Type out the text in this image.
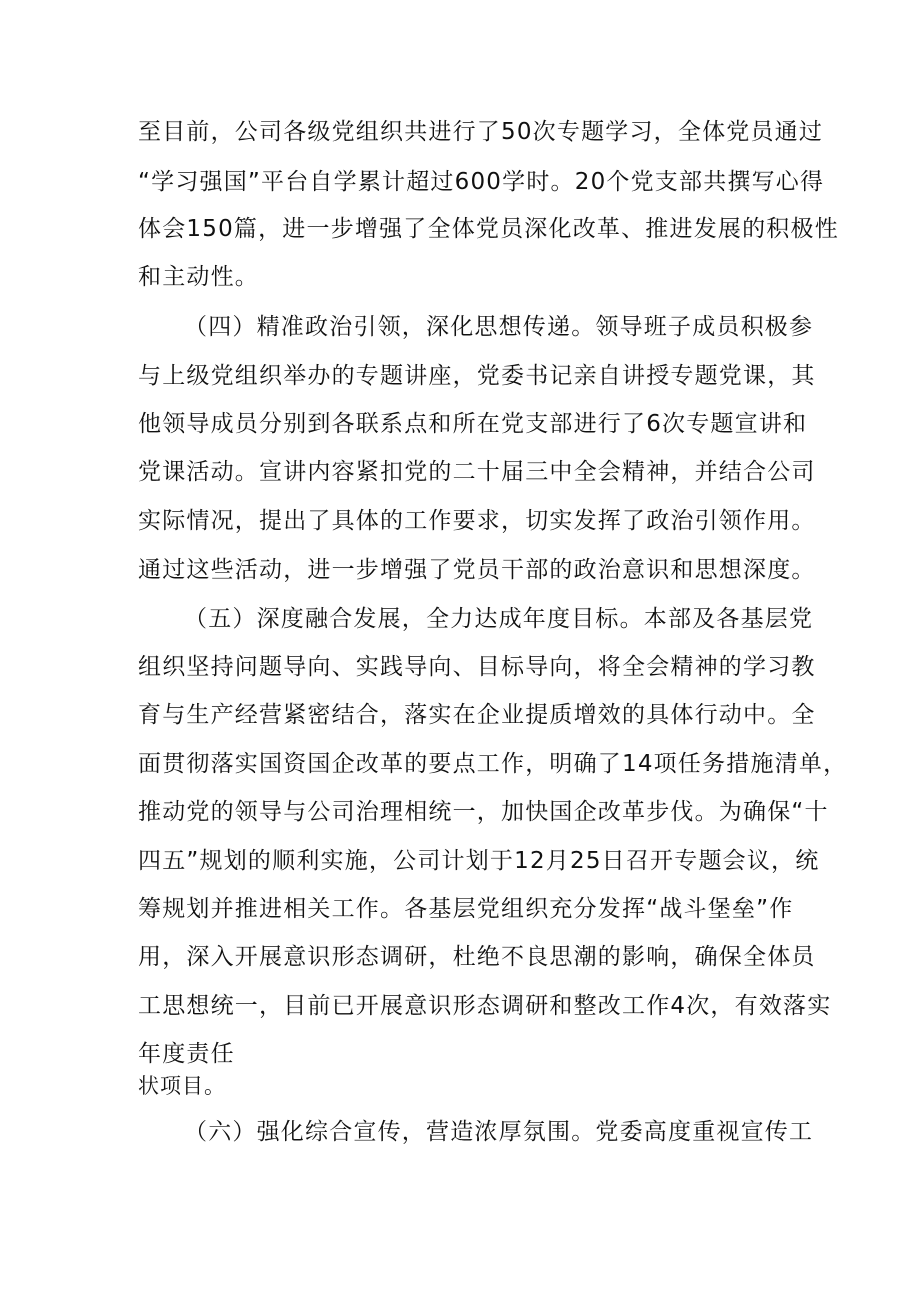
至目前，公司各级党组织共进行了50次专题学习，全体党员通过
“学习强国”平台自学累计超过600学时。20个党支部共撰写心得
体会150篇，进一步增强了全体党员深化改革、推进发展的积极性
和主动性。
（四）精准政治引领，深化思想传递。领导班子成员积极参
与上级党组织举办的专题讲座，党委书记亲自讲授专题党课，其
他领导成员分别到各联系点和所在党支部进行了6次专题宣讲和
党课活动。宣讲内容紧扣党的二十届三中全会精神，并结合公司
实际情况，提出了具体的工作要求，切实发挥了政治引领作用。
通过这些活动，进一步增强了党员干部的政治意识和思想深度。
（五）深度融合发展，全力达成年度目标。本部及各基层党
组织坚持问题导向、实践导向、目标导向，将全会精神的学习教
育与生产经营紧密结合，落实在企业提质增效的具体行动中。全
面贯彻落实国资国企改革的要点工作，明确了14项任务措施清单，
推动党的领导与公司治理相统一，加快国企改革步伐。为确保“十
四五”规划的顺利实施，公司计划于12月25日召开专题会议，统
筹规划并推进相关工作。各基层党组织充分发挥“战斗堡垒”作
用，深入开展意识形态调研，杜绝不良思潮的影响，确保全体员
工思想统一，目前已开展意识形态调研和整改工作4次，有效落实
年度责任
状项目。
（六）强化综合宣传，营造浓厚氛围。党委高度重视宣传工
